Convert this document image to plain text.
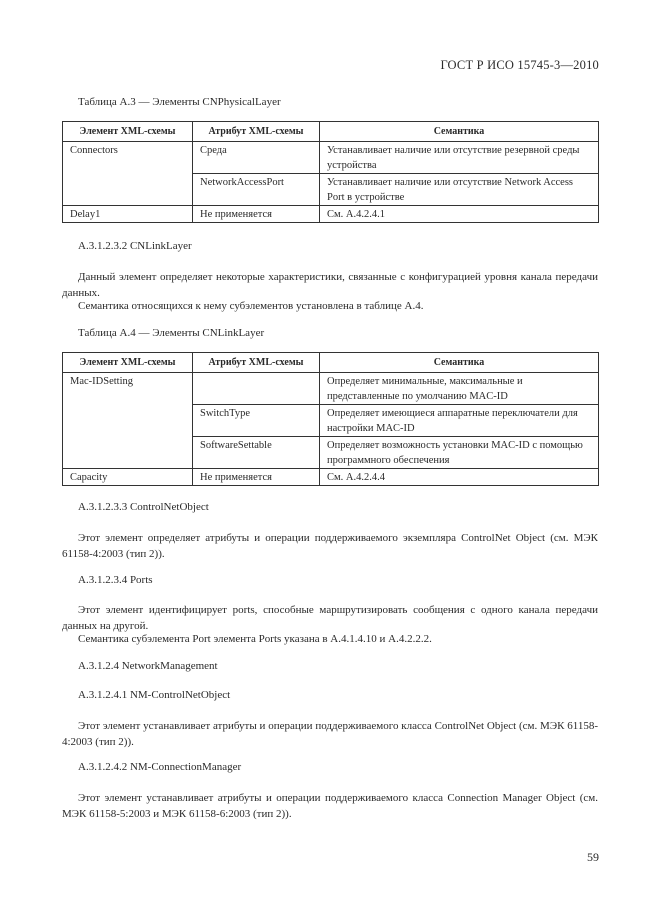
ГОСТ Р ИСО 15745-3—2010
Таблица А.3 — Элементы CNPhysicalLayer
Элемент XML-схемы	Атрибут XML-схемы	Семантика
Connectors	Среда	Устанавливает наличие или отсутствие резервной среды устройства
	NetworkAccessPort	Устанавливает наличие или отсутствие Network Access Port в устройстве
Delay1	Не применяется	См. А.4.2.4.1
А.3.1.2.3.2 CNLinkLayer
Данный элемент определяет некоторые характеристики, связанные с конфигурацией уровня канала передачи данных.
Семантика относящихся к нему субэлементов установлена в таблице А.4.
Таблица А.4 — Элементы CNLinkLayer
Элемент XML-схемы	Атрибут XML-схемы	Семантика
Mac-IDSetting		Определяет минимальные, максимальные и представленные по умолчанию MAC-ID
	SwitchType	Определяет имеющиеся аппаратные переключатели для настройки MAC-ID
	SoftwareSettable	Определяет возможность установки MAC-ID с помощью программного обеспечения
Capacity	Не применяется	См. А.4.2.4.4
А.3.1.2.3.3 ControlNetObject
Этот элемент определяет атрибуты и операции поддерживаемого экземпляра ControlNet Object (см. МЭК 61158-4:2003 (тип 2)).
А.3.1.2.3.4 Ports
Этот элемент идентифицирует ports, способные маршрутизировать сообщения с одного канала передачи данных на другой.
Семантика субэлемента Port элемента Ports указана в А.4.1.4.10 и А.4.2.2.2.
А.3.1.2.4 NetworkManagement
А.3.1.2.4.1 NM-ControlNetObject
Этот элемент устанавливает атрибуты и операции поддерживаемого класса ControlNet Object (см. МЭК 61158-4:2003 (тип 2)).
А.3.1.2.4.2 NM-ConnectionManager
Этот элемент устанавливает атрибуты и операции поддерживаемого класса Connection Manager Object (см. МЭК 61158-5:2003 и МЭК 61158-6:2003 (тип 2)).
59
